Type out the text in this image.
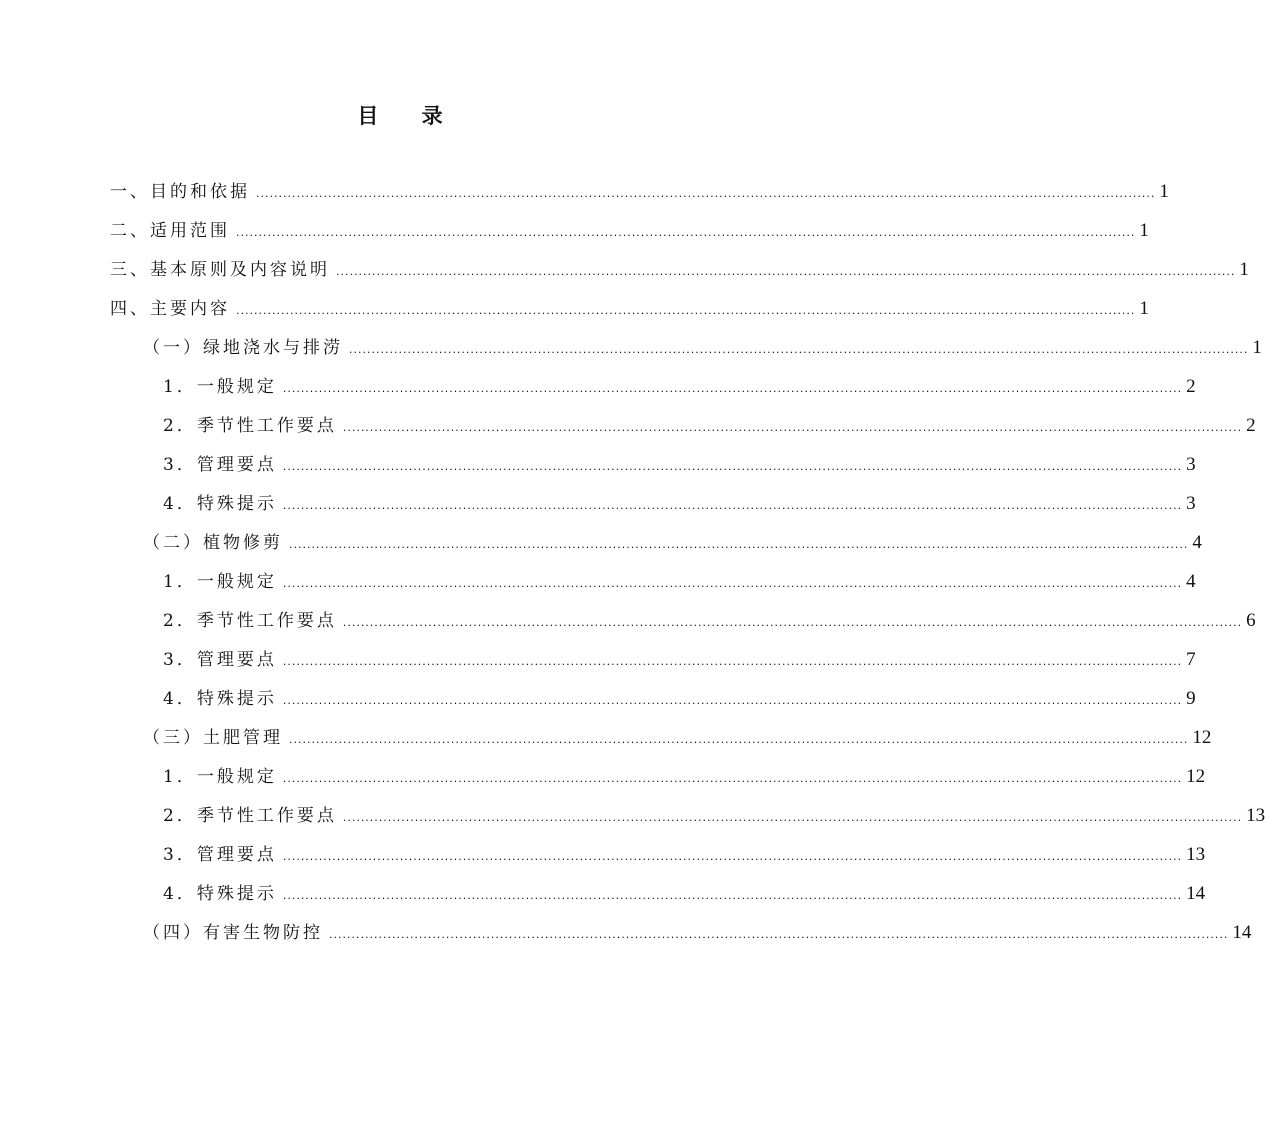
目 录
一、目的和依据 ........................................................................................................................................................................................................ 1
二、适用范围 ........................................................................................................................................................................................................ 1
三、基本原则及内容说明 ........................................................................................................................................................................................................ 1
四、主要内容 ........................................................................................................................................................................................................ 1
（一）绿地浇水与排涝 ........................................................................................................................................................................................................ 1
1．一般规定 ........................................................................................................................................................................................................ 2
2．季节性工作要点 ........................................................................................................................................................................................................ 2
3．管理要点 ........................................................................................................................................................................................................ 3
4．特殊提示 ........................................................................................................................................................................................................ 3
（二）植物修剪 ........................................................................................................................................................................................................ 4
1．一般规定 ........................................................................................................................................................................................................ 4
2．季节性工作要点 ........................................................................................................................................................................................................ 6
3．管理要点 ........................................................................................................................................................................................................ 7
4．特殊提示 ........................................................................................................................................................................................................ 9
（三）土肥管理 ........................................................................................................................................................................................................ 12
1．一般规定 ........................................................................................................................................................................................................ 12
2．季节性工作要点 ........................................................................................................................................................................................................ 13
3．管理要点 ........................................................................................................................................................................................................ 13
4．特殊提示 ........................................................................................................................................................................................................ 14
（四）有害生物防控 ........................................................................................................................................................................................................ 14
